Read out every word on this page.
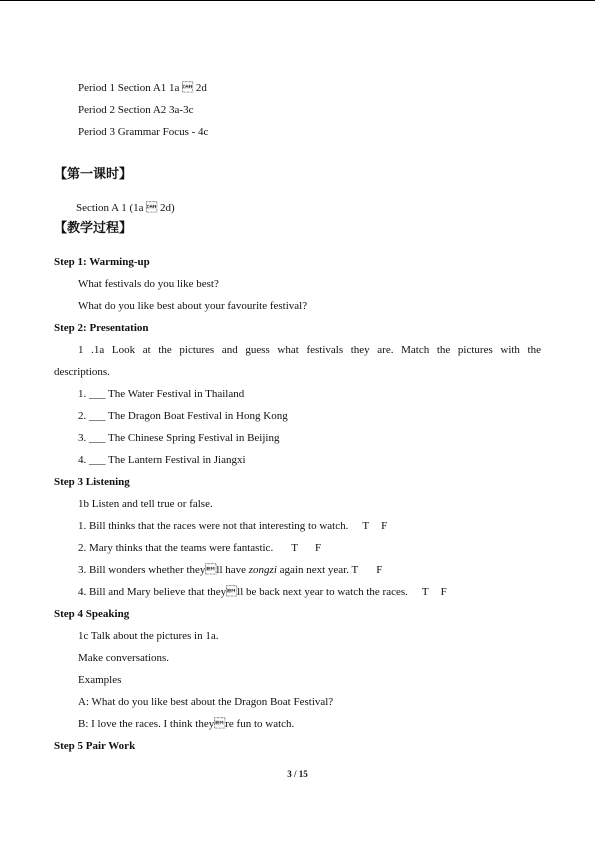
Period 1 Section A1 1a  2d
Period 2 Section A2 3a-3c
Period 3 Grammar Focus - 4c
【第一课时】
Section A 1 (1a  2d)
【教学过程】
Step 1: Warming-up
What festivals do you like best?
What do you like best about your favourite festival?
Step 2: Presentation
1 .1a Look at the pictures and guess what festivals they are. Match the pictures with the
descriptions.
1. ___ The Water Festival in Thailand
2. ___ The Dragon Boat Festival in Hong Kong
3. ___ The Chinese Spring Festival in Beijing
4. ___ The Lantern Festival in Jiangxi
Step 3 Listening
1b Listen and tell true or false.
1. Bill thinks that the races were not that interesting to watch. T F
2. Mary thinks that the teams were fantastic. T F
3. Bill wonders whether theyll have zongzi again next year. T F
4. Bill and Mary believe that theyll be back next year to watch the races. T F
Step 4 Speaking
1c Talk about the pictures in 1a.
Make conversations.
Examples
A: What do you like best about the Dragon Boat Festival?
B: I love the races. I think theyre fun to watch.
Step 5 Pair Work
3 / 15
